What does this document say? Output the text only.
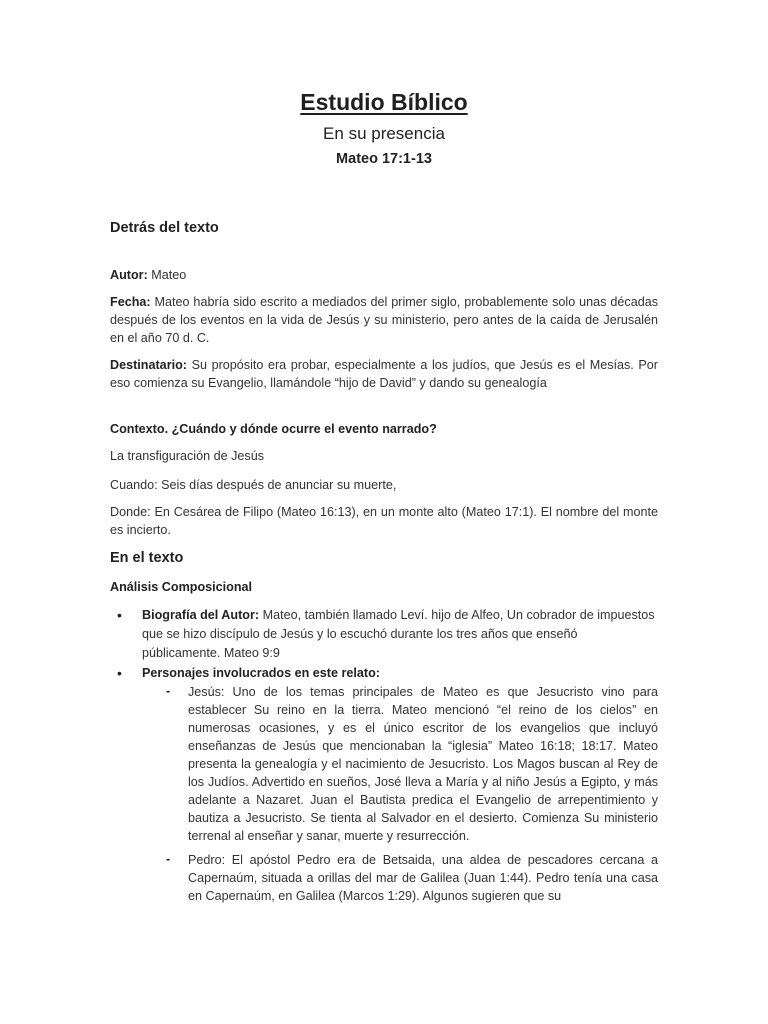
Estudio Bíblico
En su presencia
Mateo 17:1-13
Detrás del texto

Autor: Mateo

Fecha: Mateo habría sido escrito a mediados del primer siglo, probablemente solo unas décadas después de los eventos en la vida de Jesús y su ministerio, pero antes de la caída de Jerusalén en el año 70 d. C.

Destinatario: Su propósito era probar, especialmente a los judíos, que Jesús es el Mesías. Por eso comienza su Evangelio, llamándole “hijo de David” y dando su genealogía

Contexto. ¿Cuándo y dónde ocurre el evento narrado?

La transfiguración de Jesús

Cuando: Seis días después de anunciar su muerte,

Donde: En Cesárea de Filipo (Mateo 16:13), en un monte alto (Mateo 17:1). El nombre del monte es incierto.

En el texto

Análisis Composicional

• Biografía del Autor: Mateo, también llamado Leví. hijo de Alfeo, Un cobrador de impuestos que se hizo discípulo de Jesús y lo escuchó durante los tres años que enseñó públicamente. Mateo 9:9
• Personajes involucrados en este relato:
- Jesús: Uno de los temas principales de Mateo es que Jesucristo vino para establecer Su reino en la tierra. Mateo mencionó “el reino de los cielos” en numerosas ocasiones, y es el único escritor de los evangelios que incluyó enseñanzas de Jesús que mencionaban la “iglesia” Mateo 16:18; 18:17. Mateo presenta la genealogía y el nacimiento de Jesucristo. Los Magos buscan al Rey de los Judíos. Advertido en sueños, José lleva a María y al niño Jesús a Egipto, y más adelante a Nazaret. Juan el Bautista predica el Evangelio de arrepentimiento y bautiza a Jesucristo. Se tienta al Salvador en el desierto. Comienza Su ministerio terrenal al enseñar y sanar, muerte y resurrección.
- Pedro: El apóstol Pedro era de Betsaida, una aldea de pescadores cercana a Capernaúm, situada a orillas del mar de Galilea (Juan 1:44). Pedro tenía una casa en Capernaúm, en Galilea (Marcos 1:29). Algunos sugieren que su
